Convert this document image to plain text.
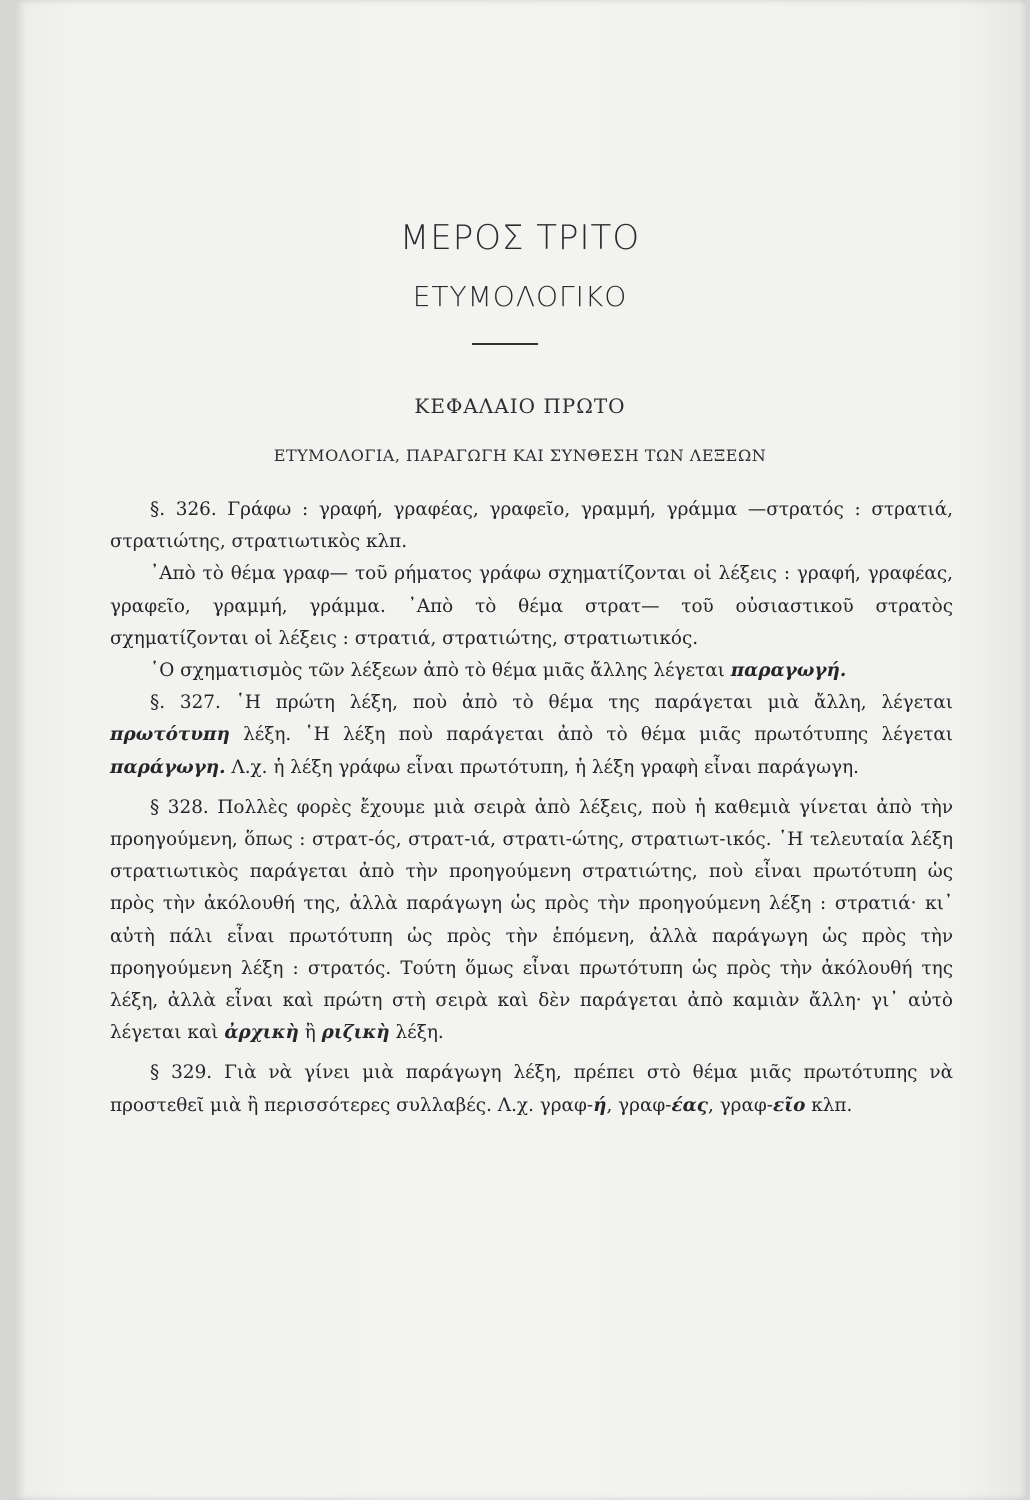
ΜΕΡΟΣ ΤΡΙΤΟ
ΕΤΥΜΟΛΟΓΙΚΟ
ΚΕΦΑΛΑΙΟ ΠΡΩΤΟ
ΕΤΥΜΟΛΟΓΙΑ, ΠΑΡΑΓΩΓΗ ΚΑΙ ΣΥΝΘΕΣΗ ΤΩΝ ΛΕΞΕΩΝ

§. 326. Γράφω : γραφή, γραφέας, γραφεῖο, γραμμή, γράμμα —στρατός : στρατιά, στρατιώτης, στρατιωτικὸς κλπ.

᾿Απὸ τὸ θέμα γραφ— τοῦ ρήματος γράφω σχηματίζονται οἱ λέξεις : γραφή, γραφέας, γραφεῖο, γραμμή, γράμμα. ᾿Απὸ τὸ θέμα στρατ— τοῦ οὐσιαστικοῦ στρατὸς σχηματίζονται οἱ λέξεις : στρατιά, στρατιώτης, στρατιωτικός.

῾Ο σχηματισμὸς τῶν λέξεων ἀπὸ τὸ θέμα μιᾶς ἄλλης λέγεται παραγωγή.

§. 327. ῾Η πρώτη λέξη, ποὺ ἀπὸ τὸ θέμα της παράγεται μιὰ ἄλλη, λέγεται πρωτότυπη λέξη. ῾Η λέξη ποὺ παράγεται ἀπὸ τὸ θέμα μιᾶς πρωτότυπης λέγεται παράγωγη. Λ.χ. ἡ λέξη γράφω εἶναι πρωτότυπη, ἡ λέξη γραφὴ εἶναι παράγωγη.

§ 328. Πολλὲς φορὲς ἔχουμε μιὰ σειρὰ ἀπὸ λέξεις, ποὺ ἡ καθεμιὰ γίνεται ἀπὸ τὴν προηγούμενη, ὅπως : στρατ-ός, στρατ-ιά, στρατι-ώτης, στρατιωτ-ικός. ῾Η τελευταία λέξη στρατιωτικὸς παράγεται ἀπὸ τὴν προηγούμενη στρατιώτης, ποὺ εἶναι πρωτότυπη ὡς πρὸς τὴν ἀκόλουθή της, ἀλλὰ παράγωγη ὡς πρὸς τὴν προηγούμενη λέξη : στρατιά· κι᾿ αὐτὴ πάλι εἶναι πρωτότυπη ὡς πρὸς τὴν ἑπόμενη, ἀλλὰ παράγωγη ὡς πρὸς τὴν προηγούμενη λέξη : στρατός. Τούτη ὅμως εἶναι πρωτότυπη ὡς πρὸς τὴν ἀκόλουθή της λέξη, ἀλλὰ εἶναι καὶ πρώτη στὴ σειρὰ καὶ δὲν παράγεται ἀπὸ καμιὰν ἄλλη· γι᾿ αὐτὸ λέγεται καὶ ἀρχικὴ ἢ ριζικὴ λέξη.

§ 329. Γιὰ νὰ γίνει μιὰ παράγωγη λέξη, πρέπει στὸ θέμα μιᾶς πρωτότυπης νὰ προστεθεῖ μιὰ ἢ περισσότερες συλλαβές. Λ.χ. γραφ-ή, γραφ-έας, γραφ-εῖο κλπ.
